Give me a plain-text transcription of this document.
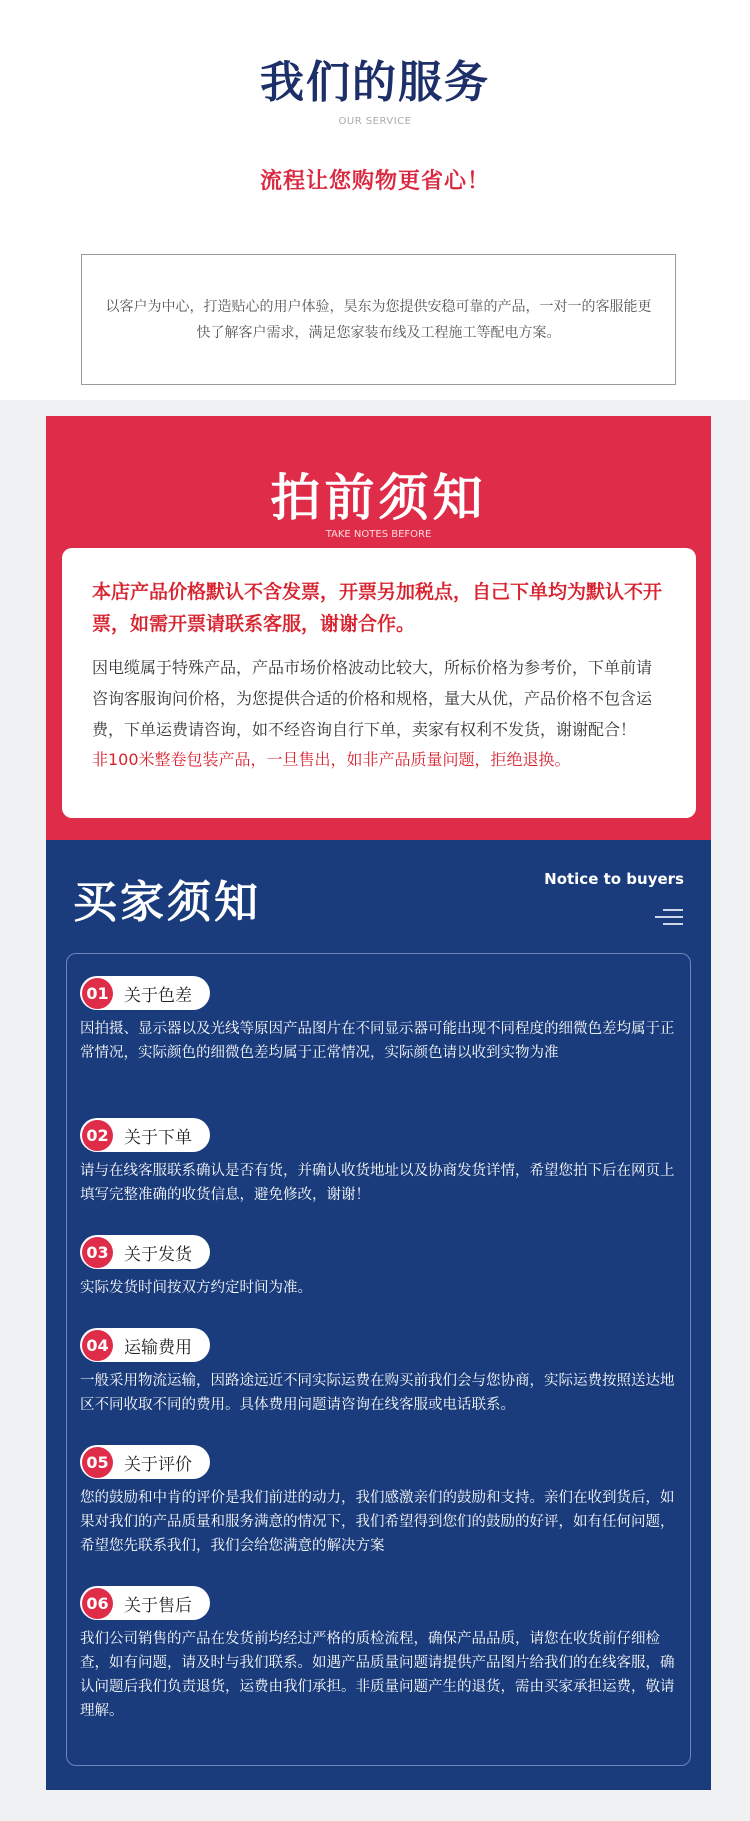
我们的服务
OUR SERVICE
流程让您购物更省心！

以客户为中心，打造贴心的用户体验，昊东为您提供安稳可靠的产品，一对一的客服能更快了解客户需求，满足您家装布线及工程施工等配电方案。

拍前须知
TAKE NOTES BEFORE

本店产品价格默认不含发票，开票另加税点，自己下单均为默认不开票，如需开票请联系客服，谢谢合作。

因电缆属于特殊产品，产品市场价格波动比较大，所标价格为参考价，下单前请咨询客服询问价格，为您提供合适的价格和规格，量大从优，产品价格不包含运费，下单运费请咨询，如不经咨询自行下单，卖家有权利不发货，谢谢配合！

非100米整卷包装产品，一旦售出，如非产品质量问题，拒绝退换。

买家须知	Notice to buyers
01 关于色差

因拍摄、显示器以及光线等原因产品图片在不同显示器可能出现不同程度的细微色差均属于正常情况，实际颜色的细微色差均属于正常情况，实际颜色请以收到实物为准

02 关于下单

请与在线客服联系确认是否有货，并确认收货地址以及协商发货详情，希望您拍下后在网页上填写完整准确的收货信息，避免修改，谢谢！

03 关于发货

实际发货时间按双方约定时间为准。

04 运输费用

一般采用物流运输，因路途远近不同实际运费在购买前我们会与您协商，实际运费按照送达地区不同收取不同的费用。具体费用问题请咨询在线客服或电话联系。

05 关于评价

您的鼓励和中肯的评价是我们前进的动力，我们感激亲们的鼓励和支持。亲们在收到货后，如果对我们的产品质量和服务满意的情况下，我们希望得到您们的鼓励的好评，如有任何问题，希望您先联系我们，我们会给您满意的解决方案

06 关于售后

我们公司销售的产品在发货前均经过严格的质检流程，确保产品品质，请您在收货前仔细检查，如有问题，请及时与我们联系。如遇产品质量问题请提供产品图片给我们的在线客服，确认问题后我们负责退货，运费由我们承担。非质量问题产生的退货，需由买家承担运费，敬请理解。
